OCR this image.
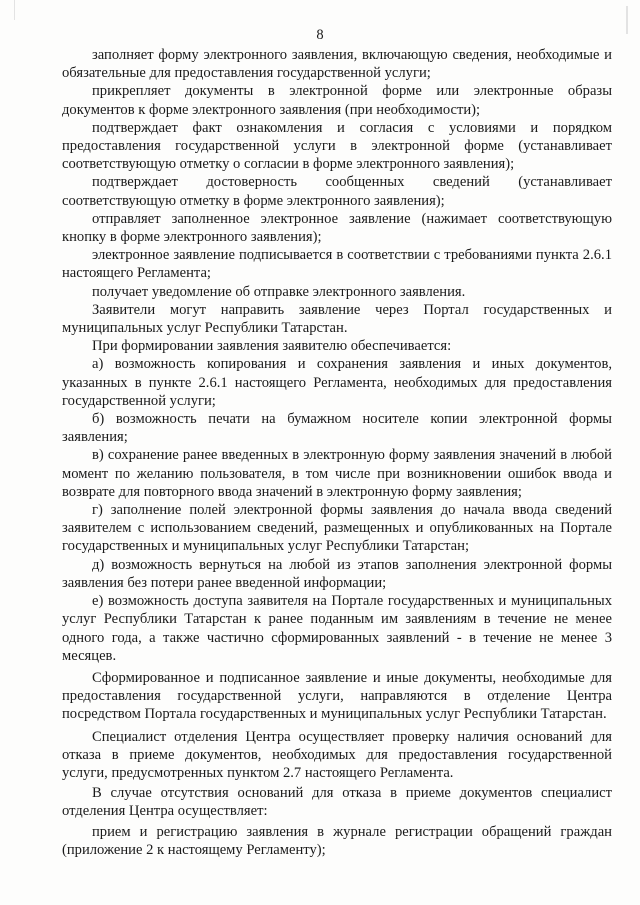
8

заполняет форму электронного заявления, включающую сведения, необходимые и обязательные для предоставления государственной услуги;

прикрепляет документы в электронной форме или электронные образы документов к форме электронного заявления (при необходимости);

подтверждает факт ознакомления и согласия с условиями и порядком предоставления государственной услуги в электронной форме (устанавливает соответствующую отметку о согласии в форме электронного заявления);

подтверждает достоверность сообщенных сведений (устанавливает соответствующую отметку в форме электронного заявления);

отправляет заполненное электронное заявление (нажимает соответствующую кнопку в форме электронного заявления);

электронное заявление подписывается в соответствии с требованиями пункта 2.6.1 настоящего Регламента;

получает уведомление об отправке электронного заявления.

Заявители могут направить заявление через Портал государственных и муниципальных услуг Республики Татарстан.

При формировании заявления заявителю обеспечивается:

а) возможность копирования и сохранения заявления и иных документов, указанных в пункте 2.6.1 настоящего Регламента, необходимых для предоставления государственной услуги;

б) возможность печати на бумажном носителе копии электронной формы заявления;

в) сохранение ранее введенных в электронную форму заявления значений в любой момент по желанию пользователя, в том числе при возникновении ошибок ввода и возврате для повторного ввода значений в электронную форму заявления;

г) заполнение полей электронной формы заявления до начала ввода сведений заявителем с использованием сведений, размещенных и опубликованных на Портале государственных и муниципальных услуг Республики Татарстан;

д) возможность вернуться на любой из этапов заполнения электронной формы заявления без потери ранее введенной информации;

е) возможность доступа заявителя на Портале государственных и муниципальных услуг Республики Татарстан к ранее поданным им заявлениям в течение не менее одного года, а также частично сформированных заявлений - в течение не менее 3 месяцев.

Сформированное и подписанное заявление и иные документы, необходимые для предоставления государственной услуги, направляются в отделение Центра посредством Портала государственных и муниципальных услуг Республики Татарстан.

Специалист отделения Центра осуществляет проверку наличия оснований для отказа в приеме документов, необходимых для предоставления государственной услуги, предусмотренных пунктом 2.7 настоящего Регламента.

В случае отсутствия оснований для отказа в приеме документов специалист отделения Центра осуществляет:

прием и регистрацию заявления в журнале регистрации обращений граждан (приложение 2 к настоящему Регламенту);
